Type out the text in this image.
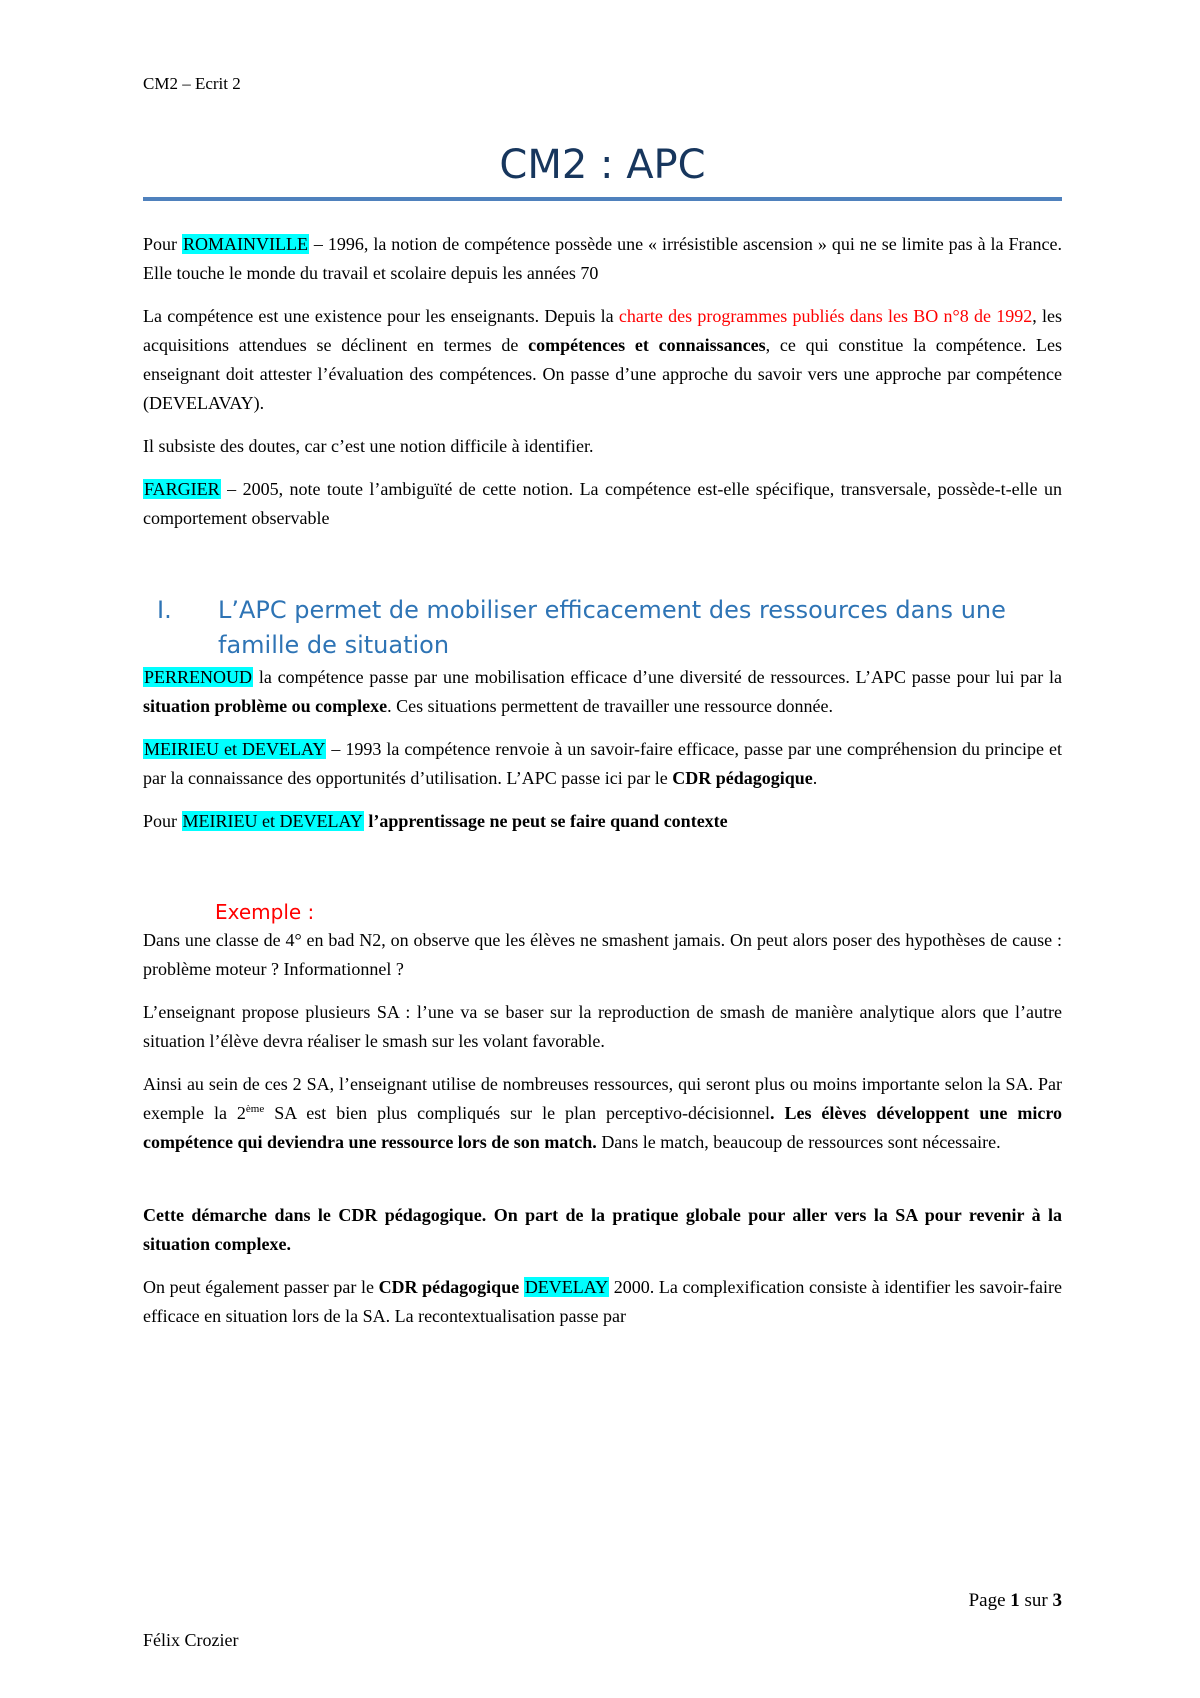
CM2 – Ecrit 2
CM2 : APC

Pour ROMAINVILLE – 1996, la notion de compétence possède une « irrésistible ascension » qui ne se limite pas à la France. Elle touche le monde du travail et scolaire depuis les années 70

La compétence est une existence pour les enseignants. Depuis la charte des programmes publiés dans les BO n°8 de 1992, les acquisitions attendues se déclinent en termes de compétences et connaissances, ce qui constitue la compétence. Les enseignant doit attester l’évaluation des compétences. On passe d’une approche du savoir vers une approche par compétence (DEVELAVAY).

Il subsiste des doutes, car c’est une notion difficile à identifier.

FARGIER – 2005, note toute l’ambiguïté de cette notion. La compétence est-elle spécifique, transversale, possède-t-elle un comportement observable

I.	L’APC permet de mobiliser efficacement des ressources dans une famille de situation

PERRENOUD la compétence passe par une mobilisation efficace d’une diversité de ressources. L’APC passe pour lui par la situation problème ou complexe. Ces situations permettent de travailler une ressource donnée.

MEIRIEU et DEVELAY – 1993 la compétence renvoie à un savoir-faire efficace, passe par une compréhension du principe et par la connaissance des opportunités d’utilisation. L’APC passe ici par le CDR pédagogique.

Pour MEIRIEU et DEVELAY l’apprentissage ne peut se faire quand contexte

Exemple :

Dans une classe de 4° en bad N2, on observe que les élèves ne smashent jamais. On peut alors poser des hypothèses de cause : problème moteur ? Informationnel ?

L’enseignant propose plusieurs SA : l’une va se baser sur la reproduction de smash de manière analytique alors que l’autre situation l’élève devra réaliser le smash sur les volant favorable.

Ainsi au sein de ces 2 SA, l’enseignant utilise de nombreuses ressources, qui seront plus ou moins importante selon la SA. Par exemple la 2ème SA est bien plus compliqués sur le plan perceptivo-décisionnel. Les élèves développent une micro compétence qui deviendra une ressource lors de son match. Dans le match, beaucoup de ressources sont nécessaire.

Cette démarche dans le CDR pédagogique. On part de la pratique globale pour aller vers la SA pour revenir à la situation complexe.

On peut également passer par le CDR pédagogique DEVELAY 2000. La complexification consiste à identifier les savoir-faire efficace en situation lors de la SA. La recontextualisation passe par

Page 1 sur 3
Félix Crozier
